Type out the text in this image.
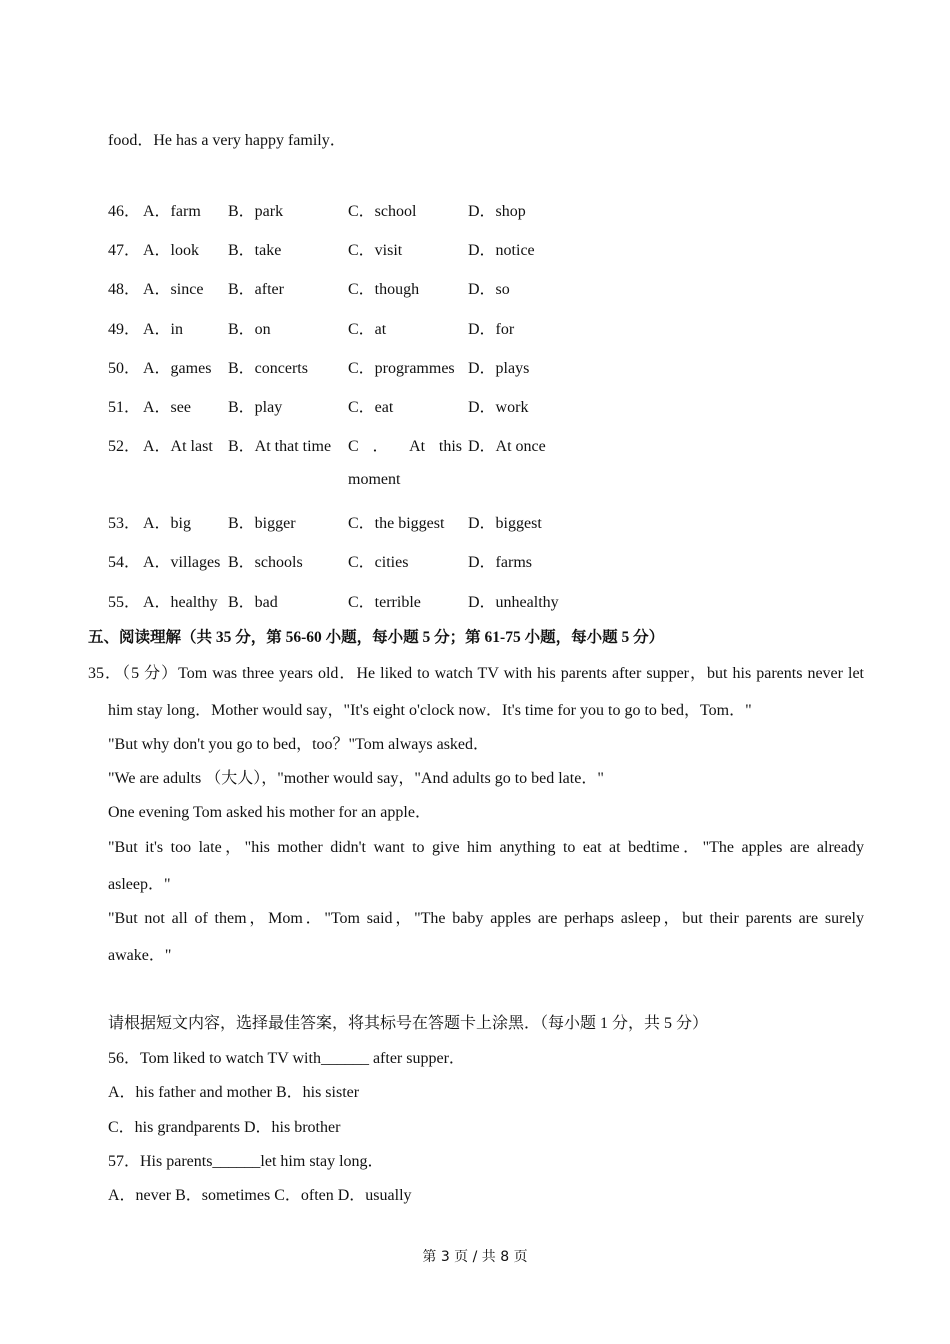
food．He has a very happy family．
46． A．farm B．park	C．school	D．shop
47． A．look B．take	C．visit	D．notice
48． A．since B．after	C．though	D．so
49． A．in	B．on	C．at	D．for
50． A．games B．concerts	C．programmes D．plays
51． A．see B．play	C．eat	D．work
52． A．At last B．At that time C ． At this D．At once
moment
53． A．big B．bigger	C．the biggest D．biggest
54． A．villages B．schools	C．cities	D．farms
55． A．healthy B．bad	C．terrible	D．unhealthy
五、阅读理解（共 35 分，第 56-60 小题，每小题 5 分；第 61-75 小题，每小题 5 分）
35．（5 分）Tom was three years old．He liked to watch TV with his parents after supper，but his parents never let
him stay long．Mother would say，"It's eight o'clock now．It's time for you to go to bed，Tom．"
"But why don't you go to bed，too？"Tom always asked．
"We are adults （大人），"mother would say，"And adults go to bed late．"
One evening Tom asked his mother for an apple．
"But it's too late，"his mother didn't want to give him anything to eat at bedtime．"The apples are already
asleep．"
"But not all of them，Mom．"Tom said，"The baby apples are perhaps asleep，but their parents are surely
awake．"
请根据短文内容，选择最佳答案，将其标号在答题卡上涂黑．（每小题 1 分，共 5 分）
56．Tom liked to watch TV with______ after supper．
A．his father and mother B．his sister
C．his grandparents D．his brother
57．His parents______let him stay long．
A．never B．sometimes C．often D．usually
第 3 页 / 共 8 页
